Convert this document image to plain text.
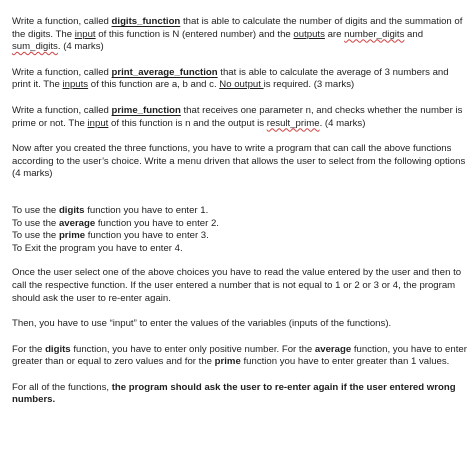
Write a function, called digits_function that is able to calculate the number of digits and the summation of the digits. The input of this function is N (entered number) and the outputs are number_digits and sum_digits. (4 marks)

Write a function, called print_average_function that is able to calculate the average of 3 numbers and print it. The inputs of this function are a, b and c. No output is required. (3 marks)

Write a function, called prime_function that receives one parameter n, and checks whether the number is prime or not. The input of this function is n and the output is result_prime. (4 marks)

Now after you created the three functions, you have to write a program that can call the above functions according to the user’s choice. Write a menu driven that allows the user to select from the following options (4 marks)

To use the digits function you have to enter 1.
To use the average function you have to enter 2.
To use the prime function you have to enter 3.
To Exit the program you have to enter 4.

Once the user select one of the above choices you have to read the value entered by the user and then to call the respective function. If the user entered a number that is not equal to 1 or 2 or 3 or 4, the program should ask the user to re-enter again.

Then, you have to use “input” to enter the values of the variables (inputs of the functions).

For the digits function, you have to enter only positive number. For the average function, you have to enter greater than or equal to zero values and for the prime function you have to enter greater than 1 values.

For all of the functions, the program should ask the user to re-enter again if the user entered wrong numbers.
